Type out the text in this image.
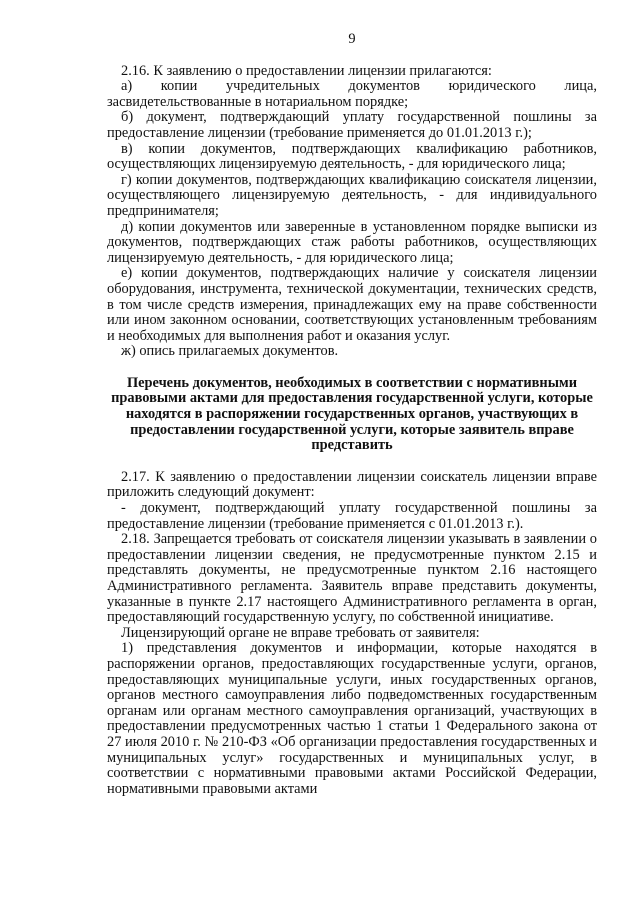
9

2.16. К заявлению о предоставлении лицензии прилагаются:

а) копии учредительных документов юридического лица, засвидетельствованные в нотариальном порядке;

б) документ, подтверждающий уплату государственной пошлины за предоставление лицензии (требование применяется до 01.01.2013 г.);

в) копии документов, подтверждающих квалификацию работников, осуществляющих лицензируемую деятельность, - для юридического лица;

г) копии документов, подтверждающих квалификацию соискателя лицензии, осуществляющего лицензируемую деятельность, - для индивидуального предпринимателя;

д) копии документов или заверенные в установленном порядке выписки из документов, подтверждающих стаж работы работников, осуществляющих лицензируемую деятельность, - для юридического лица;

е) копии документов, подтверждающих наличие у соискателя лицензии оборудования, инструмента, технической документации, технических средств, в том числе средств измерения, принадлежащих ему на праве собственности или ином законном основании, соответствующих установленным требованиям и необходимых для выполнения работ и оказания услуг.

ж) опись прилагаемых документов.

Перечень документов, необходимых в соответствии с нормативными правовыми актами для предоставления государственной услуги, которые находятся в распоряжении государственных органов, участвующих в предоставлении государственной услуги, которые заявитель вправе представить

2.17. К заявлению о предоставлении лицензии соискатель лицензии вправе приложить следующий документ:

- документ, подтверждающий уплату государственной пошлины за предоставление лицензии (требование применяется с 01.01.2013 г.).

2.18. Запрещается требовать от соискателя лицензии указывать в заявлении о предоставлении лицензии сведения, не предусмотренные пунктом 2.15 и представлять документы, не предусмотренные пунктом 2.16 настоящего Административного регламента. Заявитель вправе представить документы, указанные в пункте 2.17 настоящего Административного регламента в орган, предоставляющий государственную услугу, по собственной инициативе.

Лицензирующий органе не вправе требовать от заявителя:

1) представления документов и информации, которые находятся в распоряжении органов, предоставляющих государственные услуги, органов, предоставляющих муниципальные услуги, иных государственных органов, органов местного самоуправления либо подведомственных государственным органам или органам местного самоуправления организаций, участвующих в предоставлении предусмотренных частью 1 статьи 1 Федерального закона от 27 июля 2010 г. № 210-ФЗ «Об организации предоставления государственных и муниципальных услуг» государственных и муниципальных услуг, в соответствии с нормативными правовыми актами Российской Федерации, нормативными правовыми актами
